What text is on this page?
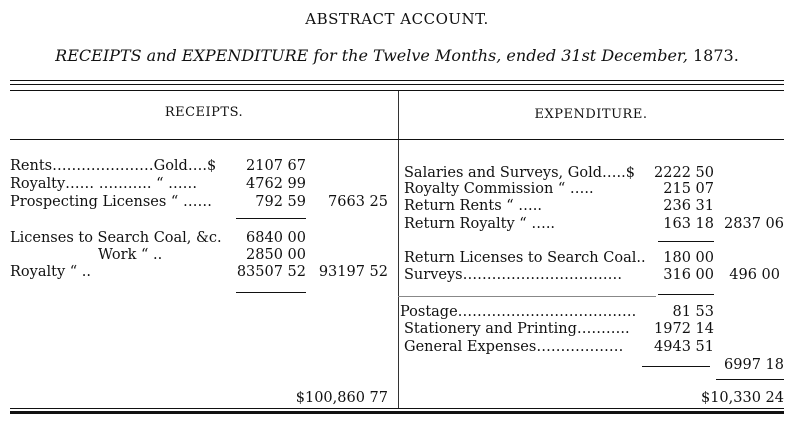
ABSTRACT ACCOUNT.
RECEIPTS and EXPENDITURE for the Twelve Months, ended 31st December, 1873.
RECEIPTS.	EXPENDITURE.
Rents…………………Gold….$	2107 67
Royalty…… ……….. “ ……	4762 99
Prospecting Licenses “ ……	792 59	7663 25
Licenses to Search Coal, &c.	6840 00
Work “ ..	2850 00
Royalty “ ..	83507 52 93197 52
$100,860 77
Salaries and Surveys, Gold…..$	2222 50
Royalty Commission “ …..	215 07
Return Rents “ …..	236 31
Return Royalty “ …..	163 18 2837 06
Return Licenses to Search Coal..	180 00
Surveys……………………………	316 00	496 00
Postage……………………………….	81 53
Stationery and Printing………..	1972 14
General Expenses………………	4943 51
6997 18
$10,330 24
